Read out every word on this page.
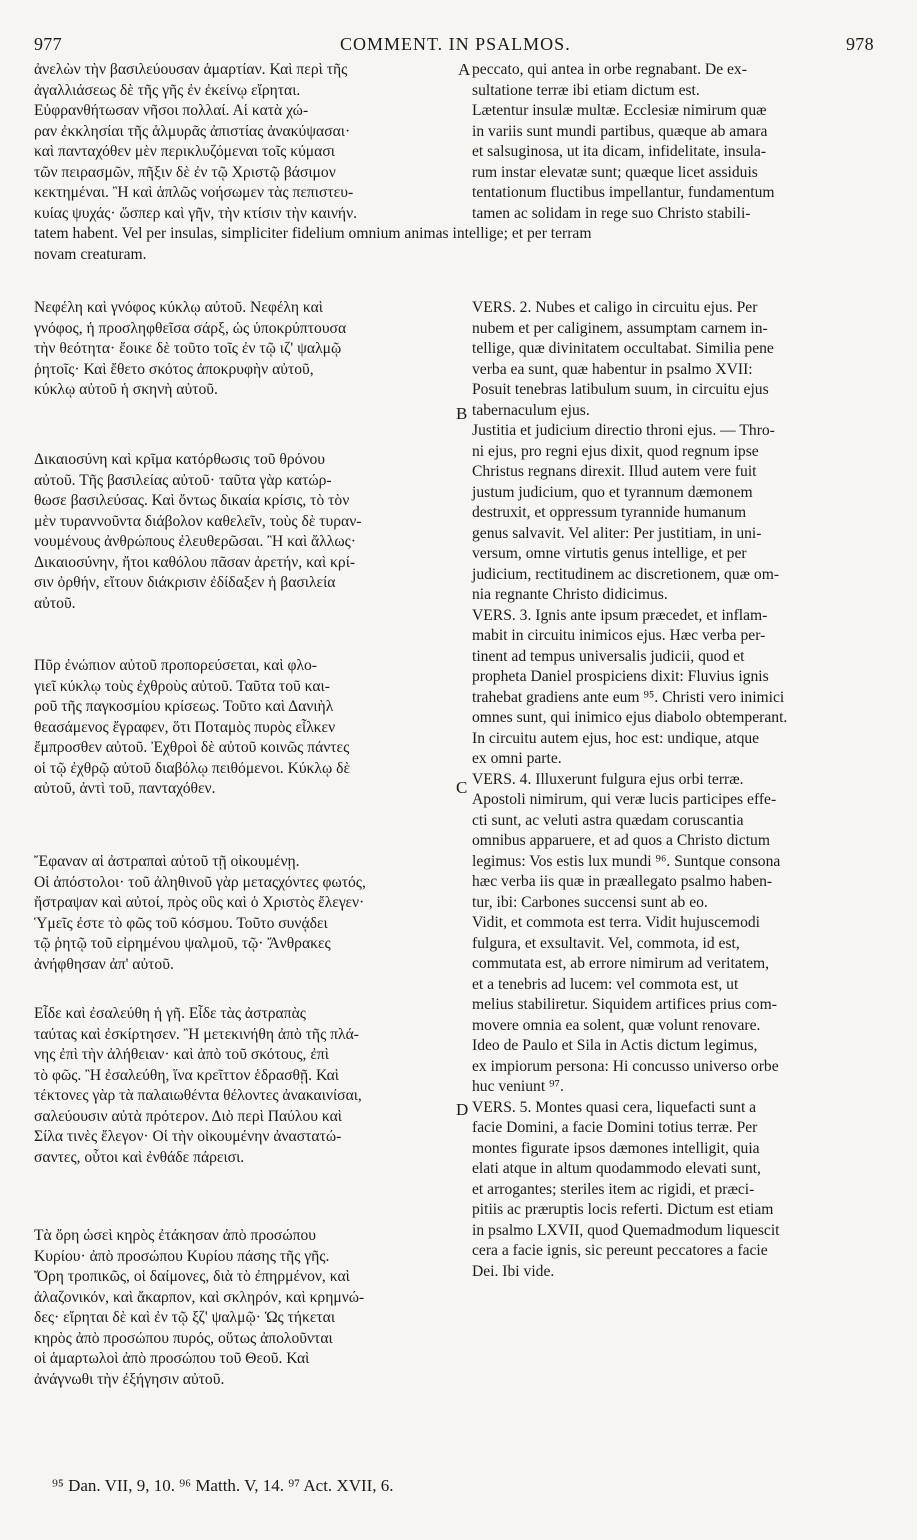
977	COMMENT. IN PSALMOS.	978

ἀνελὼν τὴν βασιλεύουσαν ἁμαρτίαν. Καὶ περὶ τῆς
ἀγαλλιάσεως δὲ τῆς γῆς ἐν ἐκείνῳ εἴρηται.
Εὐφρανθήτωσαν νῆσοι πολλαί. Αἱ κατὰ χώ-
ραν ἐκκλησίαι τῆς ἁλμυρᾶς ἀπιστίας ἀνακύψασαι·
καὶ πανταχόθεν μὲν περικλυζόμεναι τοῖς κύμασι
τῶν πειρασμῶν, πῆξιν δὲ ἐν τῷ Χριστῷ βάσιμον
κεκτημέναι. Ἢ καὶ ἁπλῶς νοήσωμεν τὰς πεπιστευ-
κυίας ψυχάς· ὥσπερ καὶ γῆν, τὴν κτίσιν τὴν καινήν.

Νεφέλη καὶ γνόφος κύκλῳ αὐτοῦ. Νεφέλη καὶ
γνόφος, ἡ προσληφθεῖσα σάρξ, ὡς ὑποκρύπτουσα
τὴν θεότητα· ἔοικε δὲ τοῦτο τοῖς ἐν τῷ ιζ' ψαλμῷ
ῥητοῖς· Καὶ ἔθετο σκότος ἀποκρυφὴν αὐτοῦ,
κύκλῳ αὐτοῦ ἡ σκηνὴ αὐτοῦ.

Δικαιοσύνη καὶ κρῖμα κατόρθωσις τοῦ θρόνου
αὐτοῦ. Τῆς βασιλείας αὐτοῦ· ταῦτα γὰρ κατώρ-
θωσε βασιλεύσας. Καὶ ὄντως δικαία κρίσις, τὸ τὸν
μὲν τυραννοῦντα διάβολον καθελεῖν, τοὺς δὲ τυραν-
νουμένους ἀνθρώπους ἐλευθερῶσαι. Ἢ καὶ ἄλλως·
Δικαιοσύνην, ἤτοι καθόλου πᾶσαν ἀρετήν, καὶ κρί-
σιν ὀρθήν, εἴτουν διάκρισιν ἐδίδαξεν ἡ βασιλεία
αὐτοῦ.

Πῦρ ἐνώπιον αὐτοῦ προπορεύσεται, καὶ φλο-
γιεῖ κύκλῳ τοὺς ἐχθροὺς αὐτοῦ. Ταῦτα τοῦ και-
ροῦ τῆς παγκοσμίου κρίσεως. Τοῦτο καὶ Δανιὴλ
θεασάμενος ἔγραφεν, ὅτι Ποταμὸς πυρὸς εἷλκεν
ἔμπροσθεν αὐτοῦ. Ἐχθροὶ δὲ αὐτοῦ κοινῶς πάντες
οἱ τῷ ἐχθρῷ αὐτοῦ διαβόλῳ πειθόμενοι. Κύκλῳ δὲ
αὐτοῦ, ἀντὶ τοῦ, πανταχόθεν.

Ἔφαναν αἱ ἀστραπαὶ αὐτοῦ τῇ οἰκουμένῃ.
Οἱ ἀπόστολοι· τοῦ ἀληθινοῦ γὰρ μεταςχόντες φωτός,
ἤστραψαν καὶ αὐτοί, πρὸς οὓς καὶ ὁ Χριστὸς ἔλεγεν·
Ὑμεῖς ἐστε τὸ φῶς τοῦ κόσμου. Τοῦτο συνᾴδει
τῷ ῥητῷ τοῦ εἰρημένου ψαλμοῦ, τῷ· Ἄνθρακες
ἀνήφθησαν ἀπ' αὐτοῦ.

Εἶδε καὶ ἐσαλεύθη ἡ γῆ. Εἶδε τὰς ἀστραπὰς
ταύτας καὶ ἐσκίρτησεν. Ἢ μετεκινήθη ἀπὸ τῆς πλά-
νης ἐπὶ τὴν ἀλήθειαν· καὶ ἀπὸ τοῦ σκότους, ἐπὶ
τὸ φῶς. Ἢ ἐσαλεύθη, ἵνα κρεῖττον ἑδρασθῇ. Καὶ
τέκτονες γὰρ τὰ παλαιωθέντα θέλοντες ἀνακαινίσαι,
σαλεύουσιν αὐτὰ πρότερον. Διὸ περὶ Παύλου καὶ
Σίλα τινὲς ἔλεγον· Οἱ τὴν οἰκουμένην ἀναστατώ-
σαντες, οὗτοι καὶ ἐνθάδε πάρεισι.

Τὰ ὄρη ὡσεὶ κηρὸς ἐτάκησαν ἀπὸ προσώπου
Κυρίου· ἀπὸ προσώπου Κυρίου πάσης τῆς γῆς.
Ὄρη τροπικῶς, οἱ δαίμονες, διὰ τὸ ἐπηρμένον, καὶ
ἀλαζονικόν, καὶ ἄκαρπον, καὶ σκληρόν, καὶ κρημνώ-
δες· εἴρηται δὲ καὶ ἐν τῷ ξζ' ψαλμῷ· Ὡς τήκεται
κηρὸς ἀπὸ προσώπου πυρός, οὕτως ἀπολοῦνται
οἱ ἁμαρτωλοὶ ἀπὸ προσώπου τοῦ Θεοῦ. Καὶ
ἀνάγνωθι τὴν ἐξήγησιν αὐτοῦ.

peccato, qui antea in orbe regnabant. De ex-
sultatione terræ ibi etiam dictum est.
Lætentur insulæ multæ. Ecclesiæ nimirum quæ
in variis sunt mundi partibus, quæque ab amara
et salsuginosa, ut ita dicam, infidelitate, insula-
rum instar elevatæ sunt; quæque licet assiduis
tentationum fluctibus impellantur, fundamentum
tamen ac solidam in rege suo Christo stabili-

tatem habent. Vel per insulas, simpliciter fidelium omnium animas intellige; et per terram
novam creaturam.

VERS. 2. Nubes et caligo in circuitu ejus. Per
nubem et per caliginem, assumptam carnem in-
tellige, quæ divinitatem occultabat. Similia pene
verba ea sunt, quæ habentur in psalmo XVII:
Posuit tenebras latibulum suum, in circuitu ejus
tabernaculum ejus.
Justitia et judicium directio throni ejus. — Thro-
ni ejus, pro regni ejus dixit, quod regnum ipse
Christus regnans direxit. Illud autem vere fuit
justum judicium, quo et tyrannum dæmonem
destruxit, et oppressum tyrannide humanum
genus salvavit. Vel aliter: Per justitiam, in uni-
versum, omne virtutis genus intellige, et per
judicium, rectitudinem ac discretionem, quæ om-
nia regnante Christo didicimus.
VERS. 3. Ignis ante ipsum præcedet, et inflam-
mabit in circuitu inimicos ejus. Hæc verba per-
tinent ad tempus universalis judicii, quod et
propheta Daniel prospiciens dixit: Fluvius ignis
trahebat gradiens ante eum ⁹⁵. Christi vero inimici
omnes sunt, qui inimico ejus diabolo obtemperant.
In circuitu autem ejus, hoc est: undique, atque
ex omni parte.
VERS. 4. Illuxerunt fulgura ejus orbi terræ.
Apostoli nimirum, qui veræ lucis participes effe-
cti sunt, ac veluti astra quædam coruscantia
omnibus apparuere, et ad quos a Christo dictum
legimus: Vos estis lux mundi ⁹⁶. Suntque consona
hæc verba iis quæ in præallegato psalmo haben-
tur, ibi: Carbones succensi sunt ab eo.
Vidit, et commota est terra. Vidit hujuscemodi
fulgura, et exsultavit. Vel, commota, id est,
commutata est, ab errore nimirum ad veritatem,
et a tenebris ad lucem: vel commota est, ut
melius stabiliretur. Siquidem artifices prius com-
movere omnia ea solent, quæ volunt renovare.
Ideo de Paulo et Sila in Actis dictum legimus,
ex impiorum persona: Hi concusso universo orbe
huc veniunt ⁹⁷.
VERS. 5. Montes quasi cera, liquefacti sunt a
facie Domini, a facie Domini totius terræ. Per
montes figurate ipsos dæmones intelligit, quia
elati atque in altum quodammodo elevati sunt,
et arrogantes; steriles item ac rigidi, et præci-
pitiis ac præruptis locis referti. Dictum est etiam
in psalmo LXVII, quod Quemadmodum liquescit
cera a facie ignis, sic pereunt peccatores a facie
Dei. Ibi vide.

A
B
C
D
⁹⁵ Dan. VII, 9, 10. ⁹⁶ Matth. V, 14. ⁹⁷ Act. XVII, 6.
